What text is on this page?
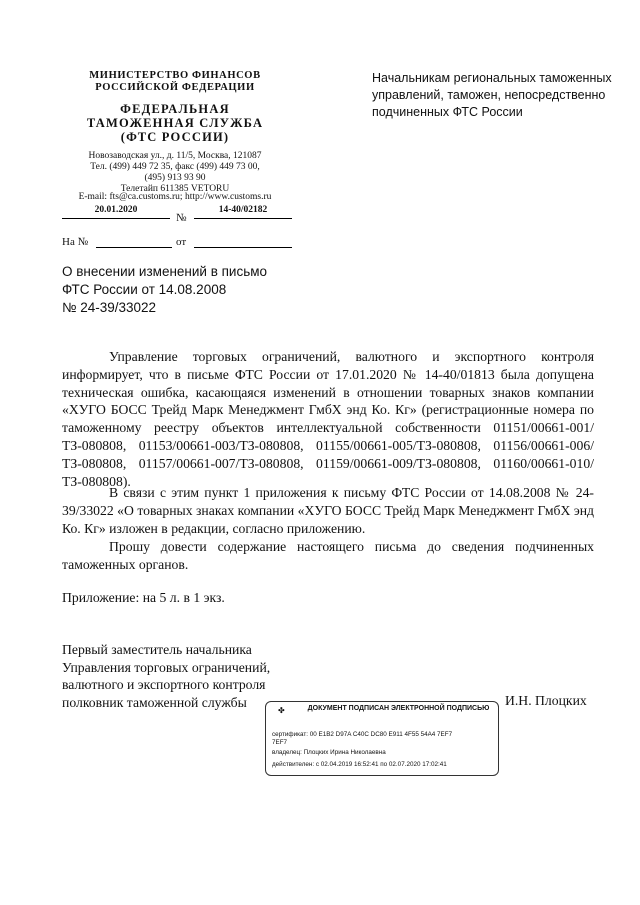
МИНИСТЕРСТВО ФИНАНСОВ
РОССИЙСКОЙ ФЕДЕРАЦИИ
ФЕДЕРАЛЬНАЯ
ТАМОЖЕННАЯ СЛУЖБА
(ФТС РОССИИ)
Новозаводская ул., д. 11/5, Москва, 121087
Тел. (499) 449 72 35, факс (499) 449 73 00,
(495) 913 93 90
Телетайп 611385 VETORU
E-mail: fts@ca.customs.ru; http://www.customs.ru
20.01.2020
№
14-40/02182
На №	от
Начальникам региональных таможенных управлений, таможен, непосредственно подчиненных ФТС России
О внесении изменений в письмо
ФТС России от 14.08.2008
№ 24-39/33022

Управление торговых ограничений, валютного и экспортного контроля информирует, что в письме ФТС России от 17.01.2020 № 14-40/01813 была допущена техническая ошибка, касающаяся изменений в отношении товарных знаков компании «ХУГО БОСС Трейд Марк Менеджмент ГмбХ энд Ко. Кг» (регистрационные номера по таможенному реестру объектов интеллектуальной собственности 01151/00661-001/ТЗ-080808, 01153/00661-003/ТЗ-080808, 01155/00661-005/ТЗ-080808, 01156/00661-006/ТЗ-080808, 01157/00661-007/ТЗ-080808, 01159/00661-009/ТЗ-080808, 01160/00661-010/ТЗ-080808).

В связи с этим пункт 1 приложения к письму ФТС России от 14.08.2008 № 24-39/33022 «О товарных знаках компании «ХУГО БОСС Трейд Марк Менеджмент ГмбХ энд Ко. Кг» изложен в редакции, согласно приложению.

Прошу довести содержание настоящего письма до сведения подчиненных таможенных органов.

Приложение: на 5 л. в 1 экз.
Первый заместитель начальника
Управления торговых ограничений,
валютного и экспортного контроля
полковник таможенной службы	И.Н. Плоцких
✤	ДОКУМЕНТ ПОДПИСАН ЭЛЕКТРОННОЙ ПОДПИСЬЮ
сертификат: 00 E1B2 D97A C40C DC80 E911 4F55 54A4 7EF7
7EF7
владелец: Плоцких Ирина Николаевна
действителен: с 02.04.2019 16:52:41 по 02.07.2020 17:02:41
